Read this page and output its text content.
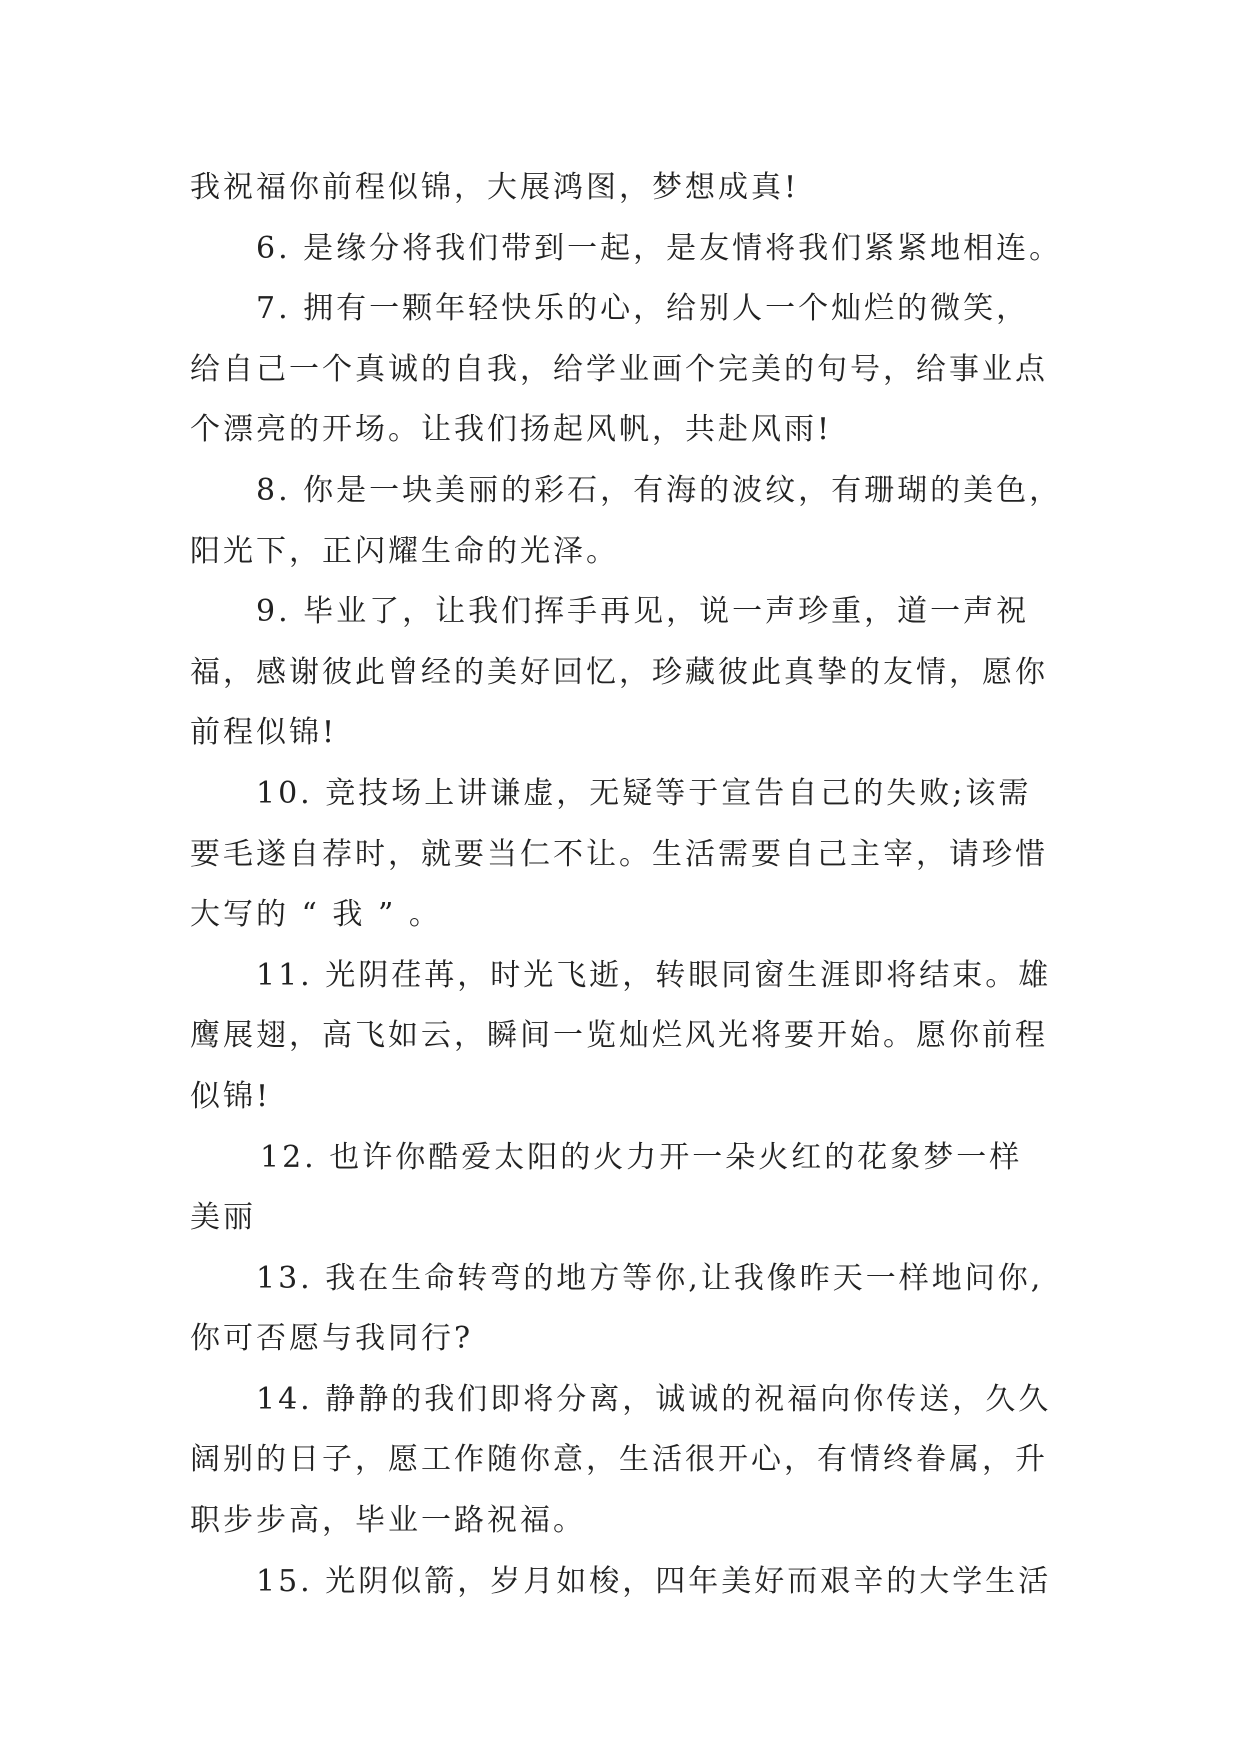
我祝福你前程似锦，大展鸿图，梦想成真!
6. 是缘分将我们带到一起，是友情将我们紧紧地相连。
7. 拥有一颗年轻快乐的心，给别人一个灿烂的微笑，
给自己一个真诚的自我，给学业画个完美的句号，给事业点
个漂亮的开场。让我们扬起风帆，共赴风雨!
8. 你是一块美丽的彩石，有海的波纹，有珊瑚的美色，
阳光下，正闪耀生命的光泽。
9. 毕业了，让我们挥手再见，说一声珍重，道一声祝
福，感谢彼此曾经的美好回忆，珍藏彼此真挚的友情，愿你
前程似锦!
10. 竞技场上讲谦虚，无疑等于宣告自己的失败;该需
要毛遂自荐时，就要当仁不让。生活需要自己主宰，请珍惜
大写的 “ 我 ” 。
11. 光阴荏苒，时光飞逝，转眼同窗生涯即将结束。雄
鹰展翅，高飞如云，瞬间一览灿烂风光将要开始。愿你前程
似锦!
12. 也许你酷爱太阳的火力开一朵火红的花象梦一样
美丽
13. 我在生命转弯的地方等你,让我像昨天一样地问你,
你可否愿与我同行?
14. 静静的我们即将分离，诚诚的祝福向你传送，久久
阔别的日子，愿工作随你意，生活很开心，有情终眷属，升
职步步高，毕业一路祝福。
15. 光阴似箭，岁月如梭，四年美好而艰辛的大学生活
